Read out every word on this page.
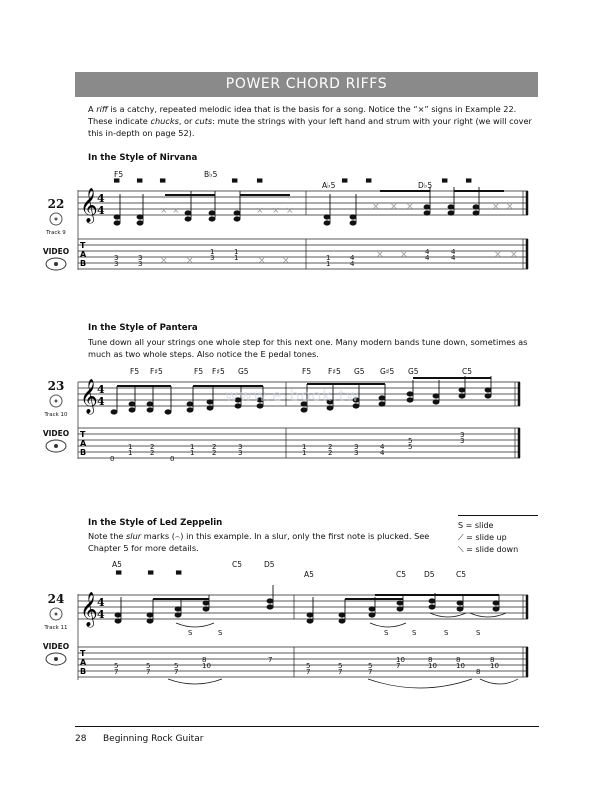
POWER CHORD RIFFS

A riff is a catchy, repeated melodic idea that is the basis for a song. Notice the “×” signs in Example 22. These indicate chucks, or cuts: mute the strings with your left hand and strum with your right (we will cover this in-depth on page 52).

In the Style of Nirvana
22
Track 9
VIDEO
𝄞 4
4
T
A
B
× ×	× × ×	× × ×	× ×
× ×	× ×
× ×	× ×
▀	▀	▀	▀	▀	▀	▀	▀	▀
F5	B♭5
A♭5	D♭5
3
3
3
3	3
1
1
1
1
1
4
4	4
4
4
4
In the Style of Pantera

Tune down all your strings one whole step for this next one. Many modern bands tune down, sometimes as much as two whole steps. Also notice the E pedal tones.

23
Track 10
VIDEO
𝄞 4
4
T
A
B
F5 F♯5	F5 F♯5 G5	F5 F♯5 G5 G♯5 G5	C5
0
1
1
2
2
0
1
1
2
2
3
3
1
1
2
2
3
3
4
4	5
5	3
3
www.e-book.tw
In the Style of Led Zeppelin

Note the slur marks (⌢) in this example. In a slur, only the first note is plucked. See Chapter 5 for more details.

S = slide
⟋ = slide up
⟍ = slide down
24
Track 11
VIDEO
𝄞 4
4
T
A
B
▀	▀	▀
A5	C5	D5
A5	C5 D5	C5
S	S	S	S	S	S
7
5
7
5
7
5
7
10
8
7
5
7
5
7
5	7
10	8
10
8
10
8
10
8
28 Beginning Rock Guitar
